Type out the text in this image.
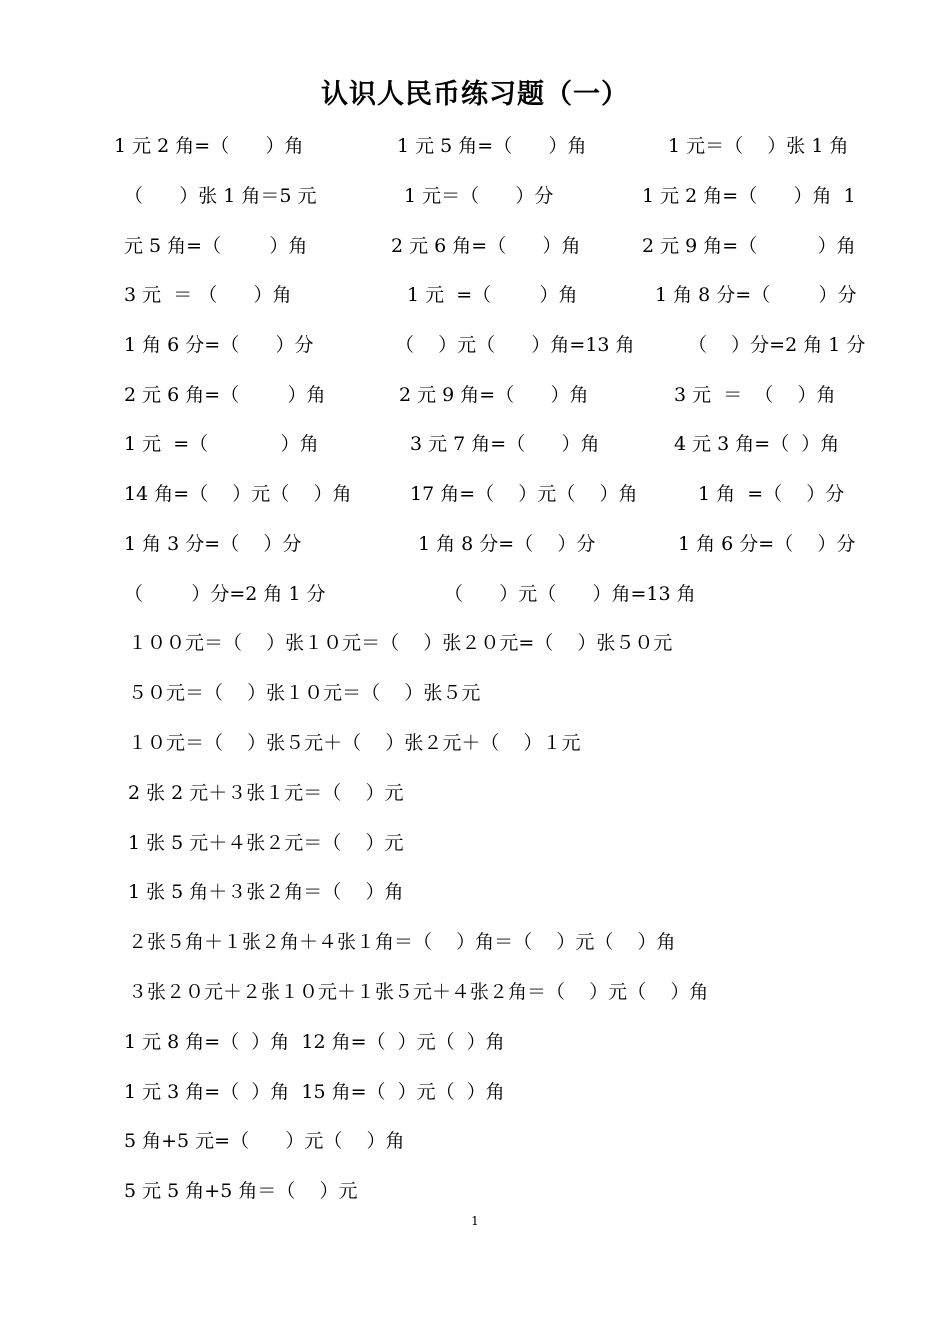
认识人民币练习题（一）
1 元 2 角=（      ）角	1 元 5 角=（      ）角	1 元＝（    ）张 1 角
（      ）张 1 角＝5 元	1 元＝（      ）分	1 元 2 角=（      ）角  1
元 5 角=（        ）角	2 元 6 角=（      ）角	2 元 9 角=（          ）角
3 元  ＝ （      ）角	1 元  =（        ）角	1 角 8 分=（        ）分
1 角 6 分=（      ）分	（    ）元（      ）角=13 角	（    ）分=2 角 1 分
2 元 6 角=（        ）角	2 元 9 角=（      ）角	3 元  ＝  （    ）角
1 元  =（            ）角	3 元 7 角=（      ）角	4 元 3 角=（  ）角
14 角=（    ）元（    ）角	17 角=（    ）元（    ）角	1 角  =（    ）分
1 角 3 分=（    ）分	1 角 8 分=（    ）分	1 角 6 分=（    ）分
（        ）分=2 角 1 分	（      ）元（      ）角=13 角
１００元＝（    ）张１０元＝（    ）张２０元=（    ）张５０元
５０元＝（    ）张１０元＝（    ）张５元
１０元＝（    ）张５元＋（    ）张２元＋（    ）１元
2 张 2 元＋３张１元＝（    ）元
1 张 5 元＋４张２元＝（    ）元
1 张 5 角＋３张２角＝（    ）角
２张５角＋１张２角＋４张１角＝（    ）角＝（    ）元（    ）角
３张２０元＋２张１０元＋１张５元＋４张２角＝（    ）元（    ）角
1 元 8 角=（  ）角  12 角=（  ）元（  ）角
1 元 3 角=（  ）角  15 角=（  ）元（  ）角
5 角+5 元=（      ）元（    ）角
5 元 5 角+5 角＝（    ）元
1
